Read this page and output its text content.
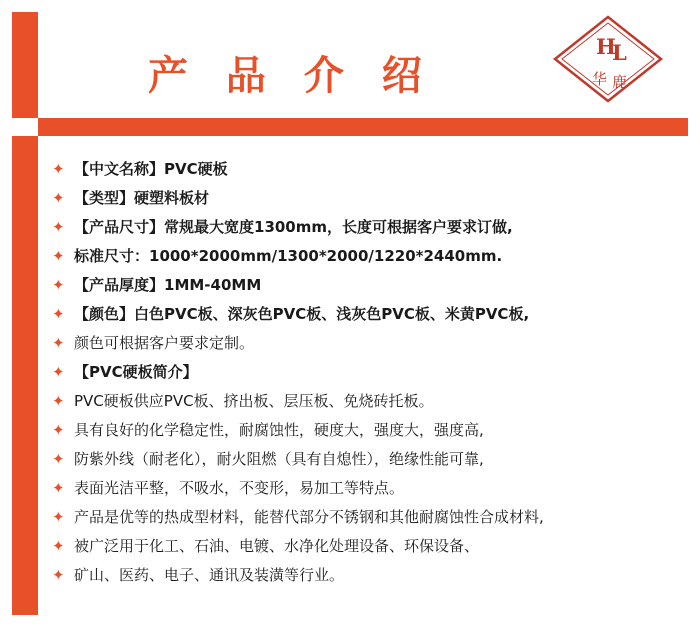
产 品 介 绍
H
L
华 鹿
✦ 【中文名称】PVC硬板
✦ 【类型】硬塑料板材
✦ 【产品尺寸】常规最大宽度1300mm，长度可根据客户要求订做,
✦ 标准尺寸：1000*2000mm/1300*2000/1220*2440mm.
✦ 【产品厚度】1MM-40MM
✦ 【颜色】白色PVC板、深灰色PVC板、浅灰色PVC板、米黄PVC板,
✦ 颜色可根据客户要求定制。
✦ 【PVC硬板简介】
✦ PVC硬板供应PVC板、挤出板、层压板、免烧砖托板。
✦ 具有良好的化学稳定性，耐腐蚀性，硬度大，强度大，强度高,
✦ 防紫外线（耐老化），耐火阻燃（具有自熄性），绝缘性能可靠,
✦ 表面光洁平整，不吸水，不变形，易加工等特点。
✦ 产品是优等的热成型材料，能替代部分不锈钢和其他耐腐蚀性合成材料,
✦ 被广泛用于化工、石油、电镀、水净化处理设备、环保设备、
✦ 矿山、医药、电子、通讯及装潢等行业。
